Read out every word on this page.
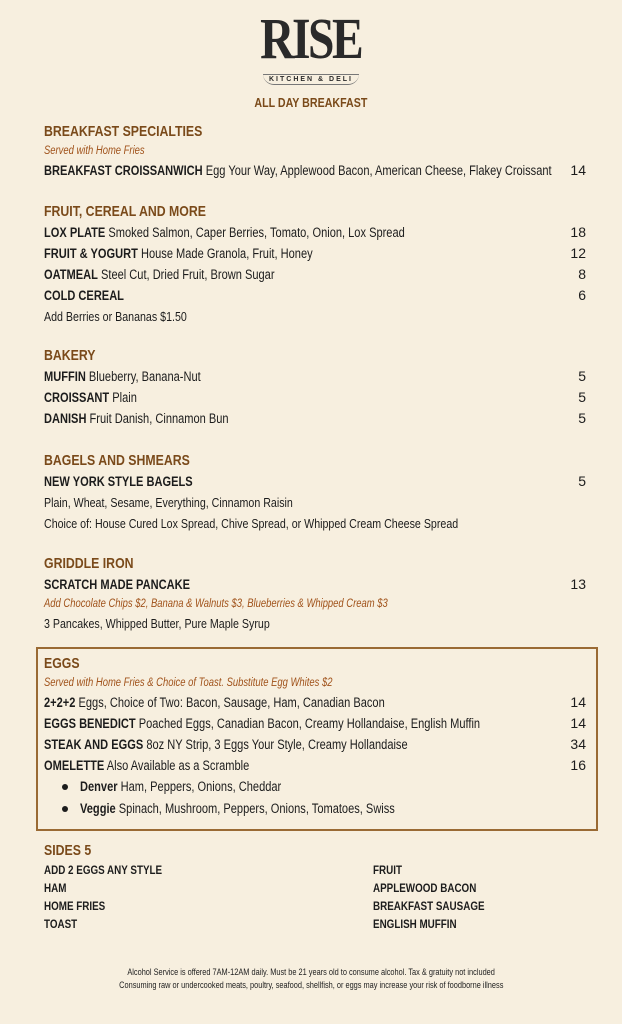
RISE
KITCHEN & DELI
ALL DAY BREAKFAST
BREAKFAST SPECIALTIES
Served with Home Fries
BREAKFAST CROISSANWICH Egg Your Way, Applewood Bacon, American Cheese, Flakey Croissant 14
FRUIT, CEREAL AND MORE
LOX PLATE Smoked Salmon, Caper Berries, Tomato, Onion, Lox Spread	18
FRUIT & YOGURT House Made Granola, Fruit, Honey	12
OATMEAL Steel Cut, Dried Fruit, Brown Sugar	8
COLD CEREAL	6
Add Berries or Bananas $1.50
BAKERY
MUFFIN Blueberry, Banana-Nut	5
CROISSANT Plain	5
DANISH Fruit Danish, Cinnamon Bun	5
BAGELS AND SHMEARS
NEW YORK STYLE BAGELS	5
Plain, Wheat, Sesame, Everything, Cinnamon Raisin
Choice of: House Cured Lox Spread, Chive Spread, or Whipped Cream Cheese Spread
GRIDDLE IRON
SCRATCH MADE PANCAKE	13
Add Chocolate Chips $2, Banana & Walnuts $3, Blueberries & Whipped Cream $3
3 Pancakes, Whipped Butter, Pure Maple Syrup
EGGS
Served with Home Fries & Choice of Toast. Substitute Egg Whites $2
2+2+2 Eggs, Choice of Two: Bacon, Sausage, Ham, Canadian Bacon	14
EGGS BENEDICT Poached Eggs, Canadian Bacon, Creamy Hollandaise, English Muffin	14
STEAK AND EGGS 8oz NY Strip, 3 Eggs Your Style, Creamy Hollandaise	34
OMELETTE Also Available as a Scramble	16
Denver Ham, Peppers, Onions, Cheddar
Veggie Spinach, Mushroom, Peppers, Onions, Tomatoes, Swiss
SIDES 5
ADD 2 EGGS ANY STYLE
HAM
HOME FRIES
TOAST
FRUIT
APPLEWOOD BACON
BREAKFAST SAUSAGE
ENGLISH MUFFIN
Alcohol Service is offered 7AM-12AM daily. Must be 21 years old to consume alcohol. Tax & gratuity not included
Consuming raw or undercooked meats, poultry, seafood, shellfish, or eggs may increase your risk of foodborne illness
